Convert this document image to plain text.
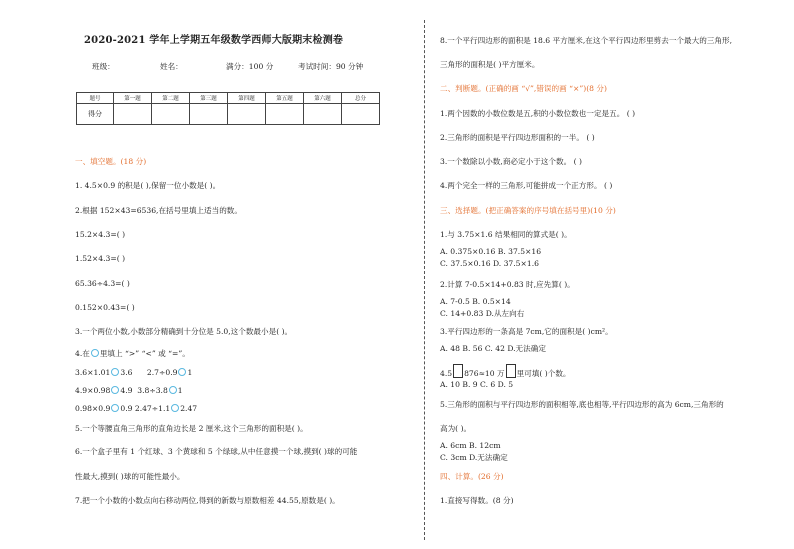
2020-2021 学年上学期五年级数学西师大版期末检测卷
班级：	姓名：	满分：100 分	考试时间：90 分钟
题号	第一题	第二题	第三题	第四题	第五题	第六题	总分
得分							
一、填空题。(18 分)
1. 4.5×0.9 的积是( ),保留一位小数是( )。
2.根据 152×43=6536,在括号里填上适当的数。
15.2×4.3=( )
1.52×4.3=( )
65.36÷4.3=( )
0.152×0.43=( )
3.一个两位小数,小数部分精确到十分位是 5.0,这个数最小是( )。
4.在 里填上 “>” “<” 或 “=”。
3.6×1.01 3.6 2.7÷0.9 1
4.9×0.98 4.9 3.8÷3.8 1
0.98×0.9 0.9 2.47÷1.1 2.47
5.一个等腰直角三角形的直角边长是 2 厘米,这个三角形的面积是( )。
6.一个盒子里有 1 个红球、3 个黄球和 5 个绿球,从中任意摸一个球,摸到( )球的可能
性最大,摸到( )球的可能性最小。
7.把一个小数的小数点向右移动两位,得到的新数与原数相差 44.55,原数是( )。
8.一个平行四边形的面积是 18.6 平方厘米,在这个平行四边形里剪去一个最大的三角形,
三角形的面积是( )平方厘米。
二、判断题。(正确的画 “√”,错误的画 “×”)(8 分)
1.两个因数的小数位数是五,积的小数位数也一定是五。 ( )
2.三角形的面积是平行四边形面积的一半。 ( )
3.一个数除以小数,商必定小于这个数。 ( )
4.两个完全一样的三角形,可能拼成一个正方形。 ( )
三、选择题。(把正确答案的序号填在括号里)(10 分)
1.与 3.75×1.6 结果相同的算式是( )。
A. 0.375×0.16 B. 37.5×16
C. 37.5×0.16 D. 37.5×1.6
2.计算 7-0.5×14+0.83 时,应先算( )。
A. 7-0.5 B. 0.5×14
C. 14+0.83 D.从左向右
3.平行四边形的一条高是 7cm,它的面积是( )cm²。
A. 48 B. 56 C. 42 D.无法确定
4.5 876≈10 万 里可填( )个数。
A. 10 B. 9 C. 6 D. 5
5.三角形的面积与平行四边形的面积相等,底也相等,平行四边形的高为 6cm,三角形的
高为( )。
A. 6cm B. 12cm
C. 3cm D.无法确定
四、计算。(26 分)
1.直接写得数。(8 分)
